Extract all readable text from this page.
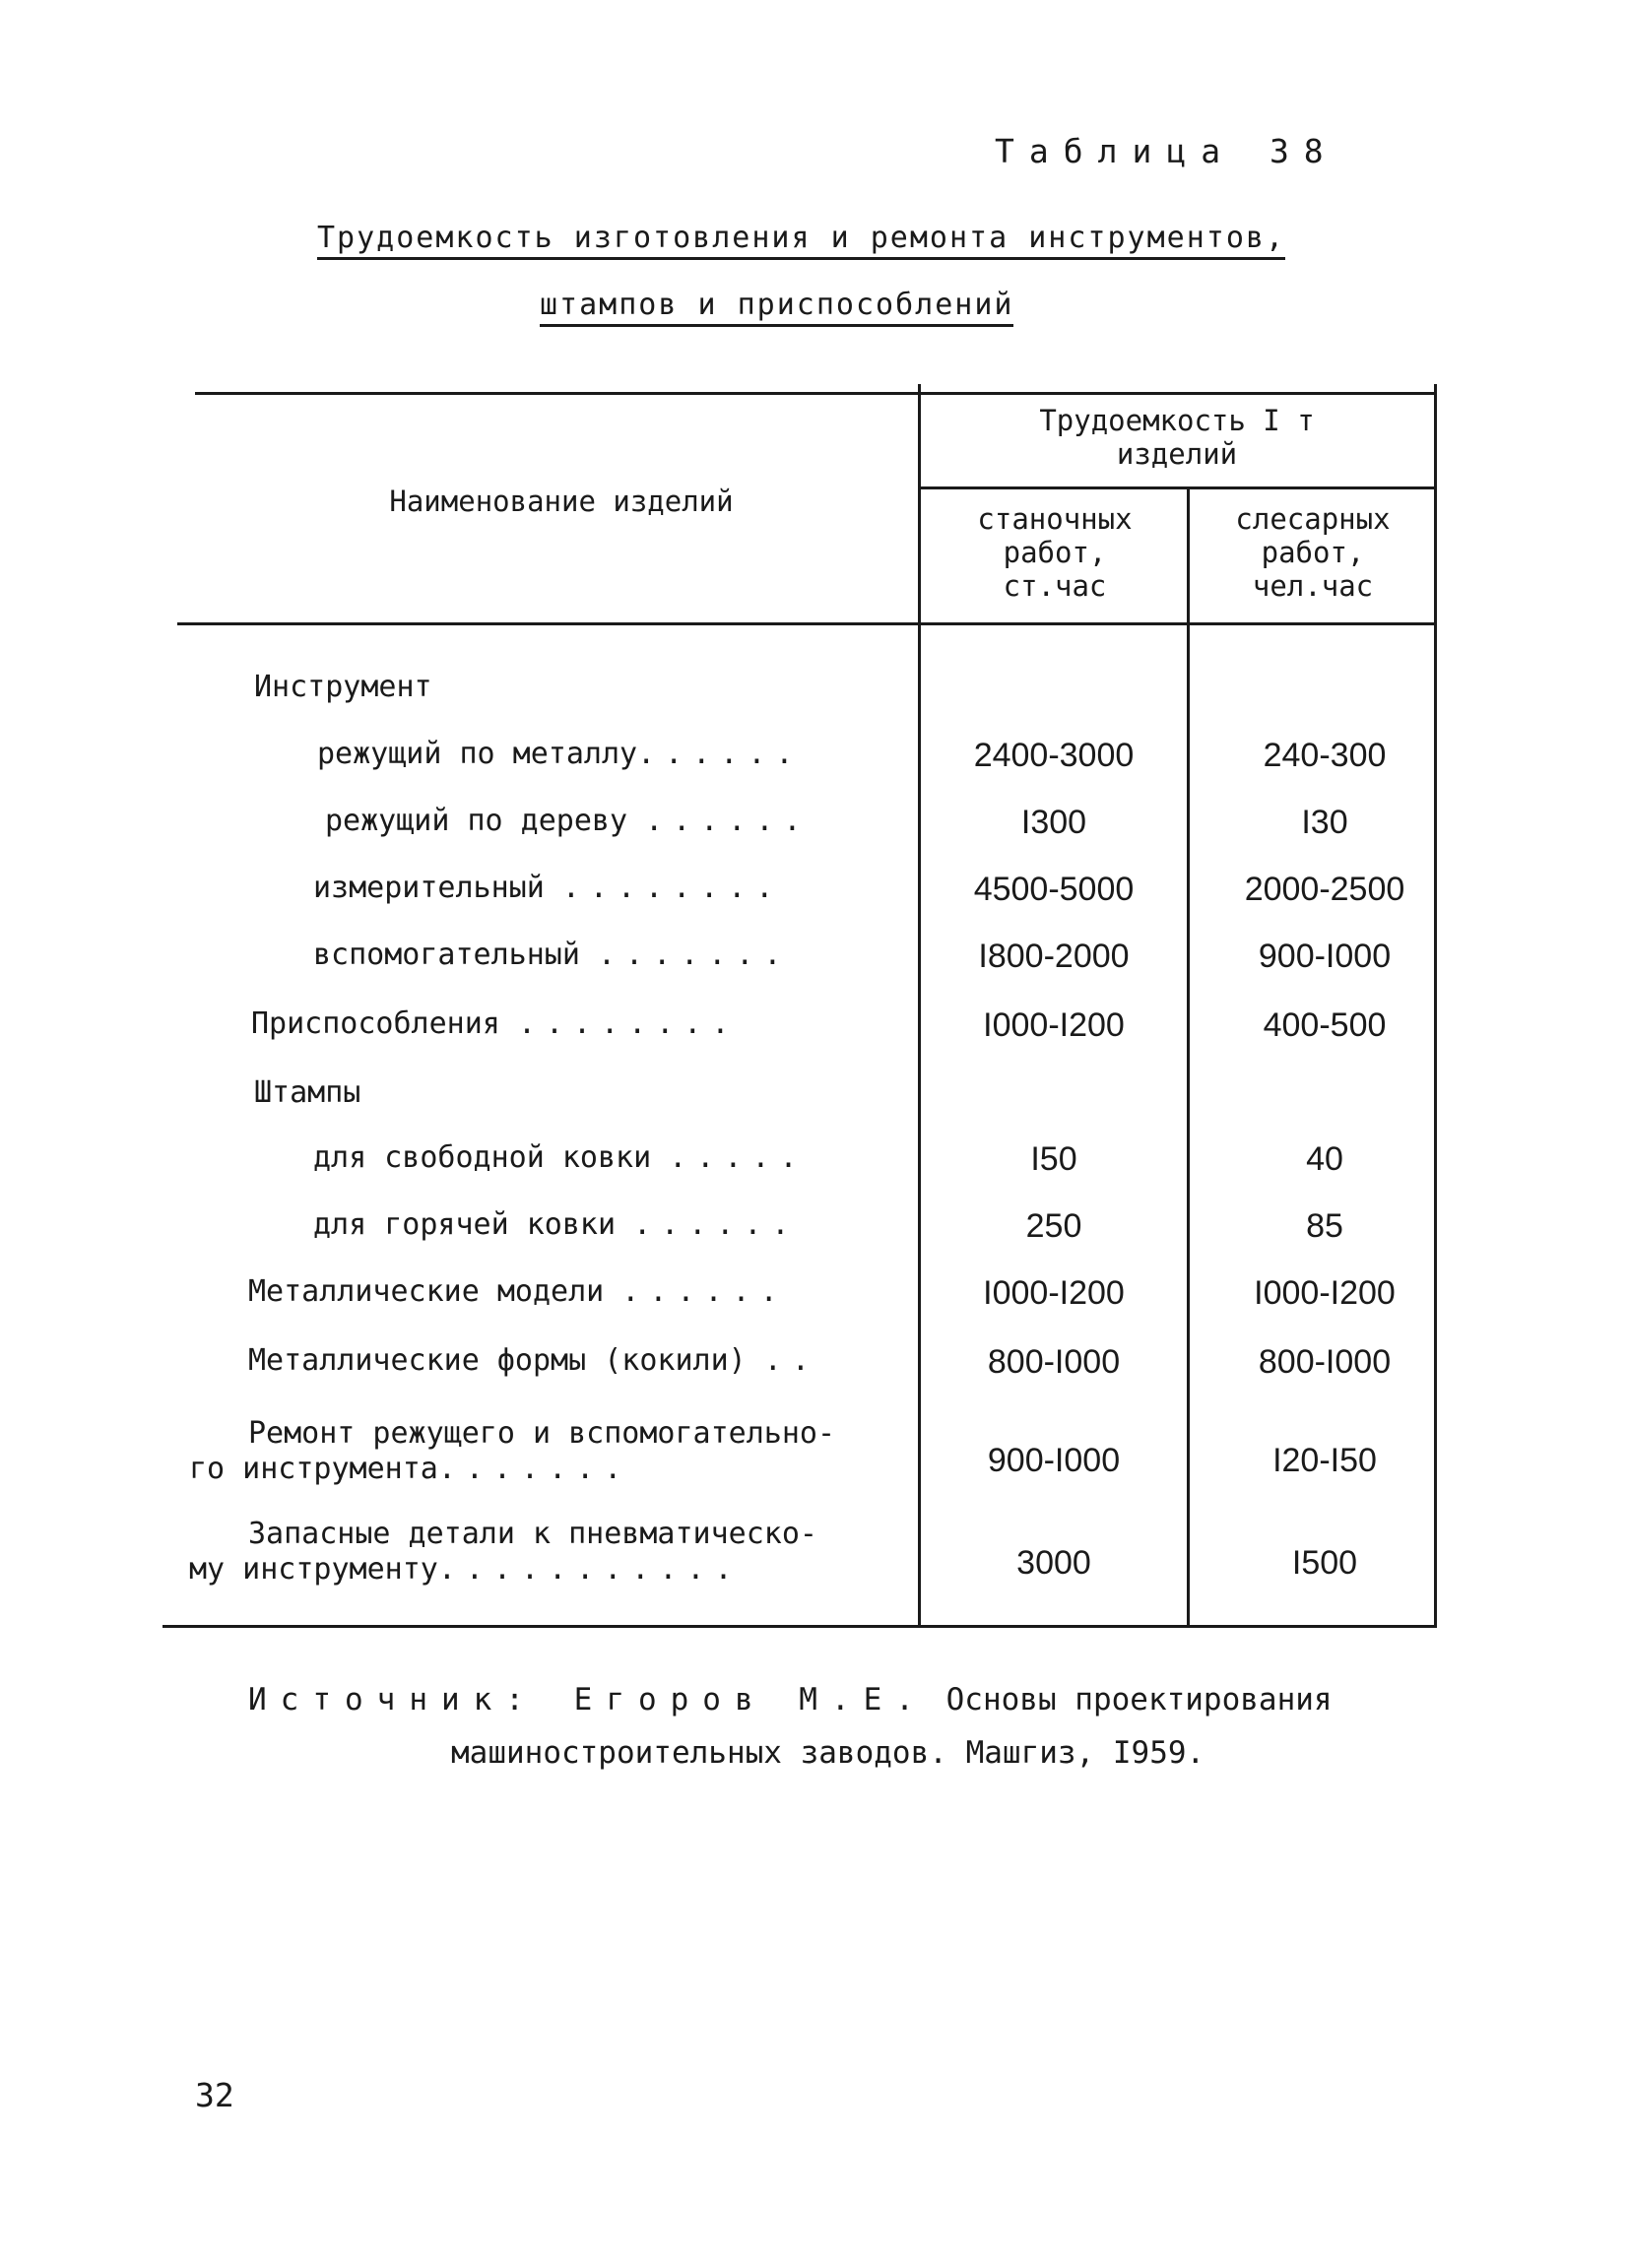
Таблица 38
Трудоемкость изготовления и ремонта инструментов,
штампов и приспособлений
Наименование изделий
Трудоемкость I т
изделий
станочных
работ,
ст.час
слесарных
работ,
чел.час
Инструмент
режущий по металлу......	2400-3000	240-300
режущий по дереву ......	I300	I30
измерительный ........	4500-5000	2000-2500
вспомогательный .......	I800-2000	900-I000
Приспособления ........	I000-I200	400-500
Штампы
для свободной ковки .....	I50	40
для горячей ковки ......	250	85
Металлические модели ......	I000-I200	I000-I200
Металлические формы (кокили) ..	800-I000	800-I000
Ремонт режущего и вспомогательно-
го инструмента.......	900-I000	I20-I50
Запасные детали к пневматическо-
му инструменту...........	3000	I500
Источник: Егоров М.Е. Основы проектирования
машиностроительных заводов. Машгиз, I959.
32
